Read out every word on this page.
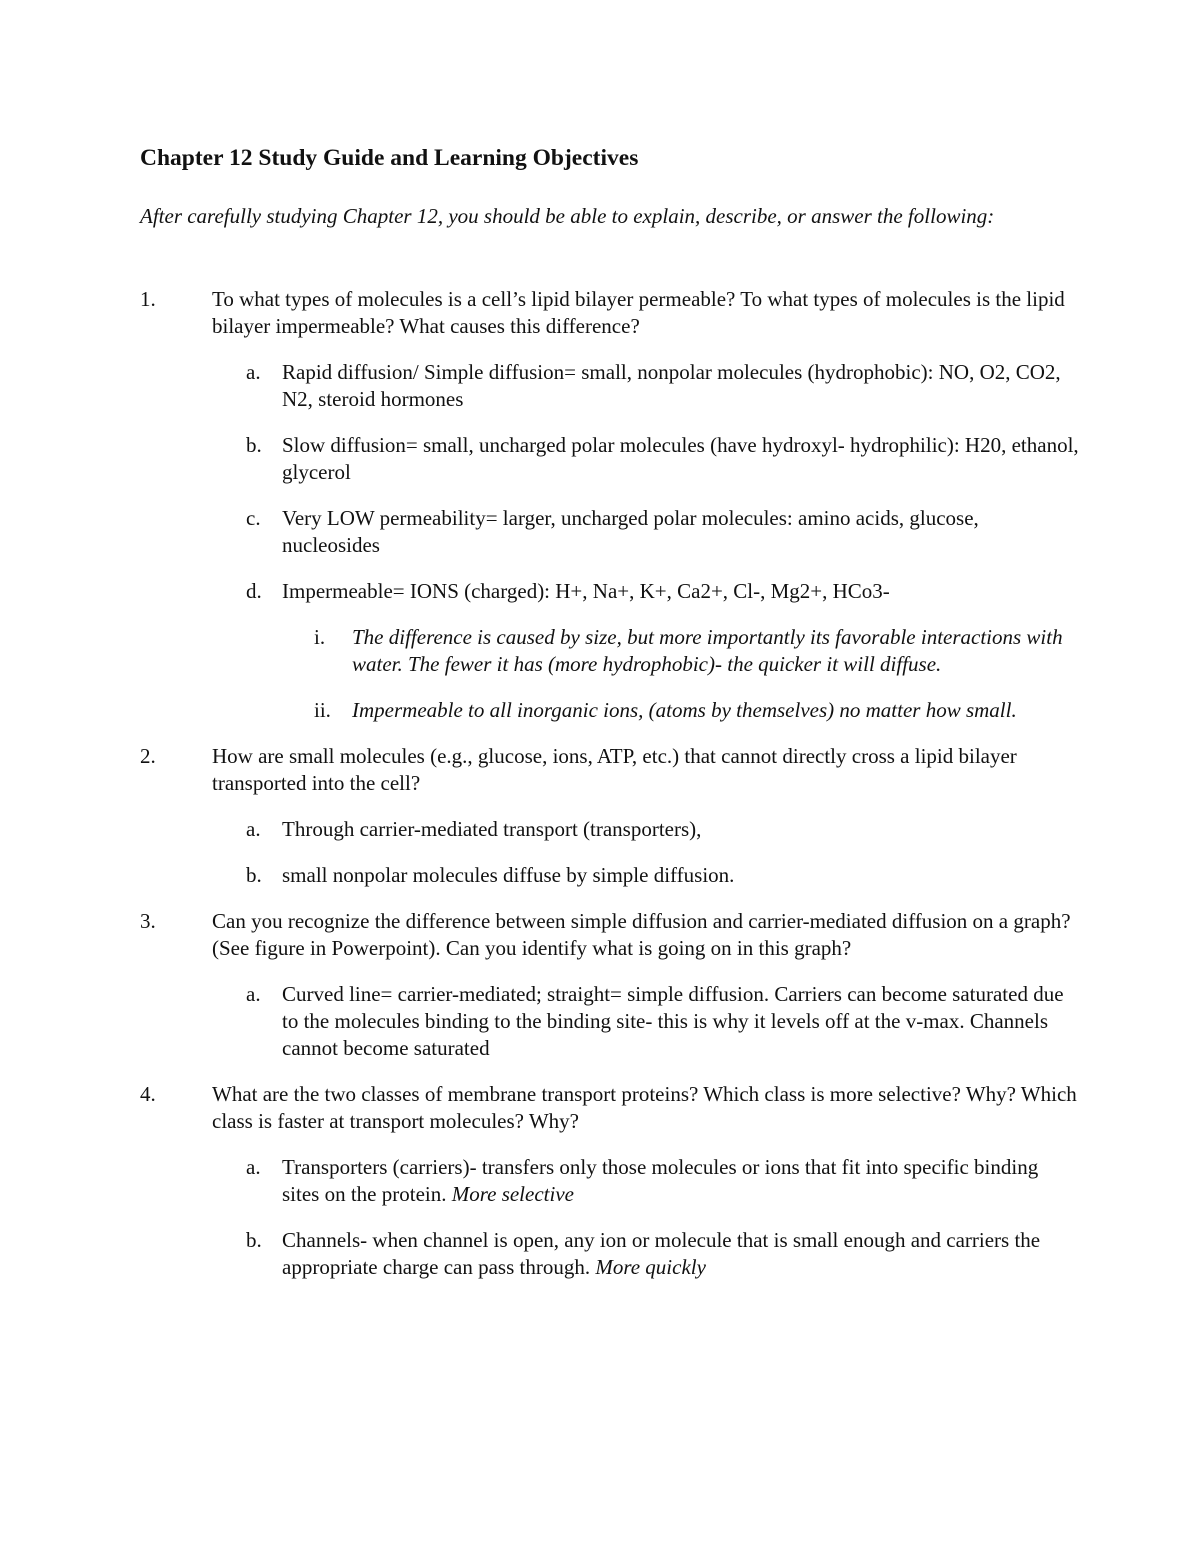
Chapter 12 Study Guide and Learning Objectives

After carefully studying Chapter 12, you should be able to explain, describe, or answer the following:

1.	To what types of molecules is a cell’s lipid bilayer permeable? To what types of molecules is the lipid bilayer impermeable? What causes this difference?
a. Rapid diffusion/ Simple diffusion= small, nonpolar molecules (hydrophobic): NO, O2, CO2, N2, steroid hormones
b. Slow diffusion= small, uncharged polar molecules (have hydroxyl- hydrophilic): H20, ethanol, glycerol
c. Very LOW permeability= larger, uncharged polar molecules: amino acids, glucose, nucleosides
d. Impermeable= IONS (charged): H+, Na+, K+, Ca2+, Cl-, Mg2+, HCo3-
i. The difference is caused by size, but more importantly its favorable interactions with water. The fewer it has (more hydrophobic)- the quicker it will diffuse.
ii. Impermeable to all inorganic ions, (atoms by themselves) no matter how small.
2.	How are small molecules (e.g., glucose, ions, ATP, etc.) that cannot directly cross a lipid bilayer transported into the cell?
a. Through carrier-mediated transport (transporters),
b. small nonpolar molecules diffuse by simple diffusion.
3.	Can you recognize the difference between simple diffusion and carrier-mediated diffusion on a graph? (See figure in Powerpoint). Can you identify what is going on in this graph?
a. Curved line= carrier-mediated; straight= simple diffusion. Carriers can become saturated due to the molecules binding to the binding site- this is why it levels off at the v-max. Channels cannot become saturated
4.	What are the two classes of membrane transport proteins? Which class is more selective? Why? Which class is faster at transport molecules? Why?
a. Transporters (carriers)- transfers only those molecules or ions that fit into specific binding sites on the protein. More selective
b. Channels- when channel is open, any ion or molecule that is small enough and carriers the appropriate charge can pass through. More quickly
